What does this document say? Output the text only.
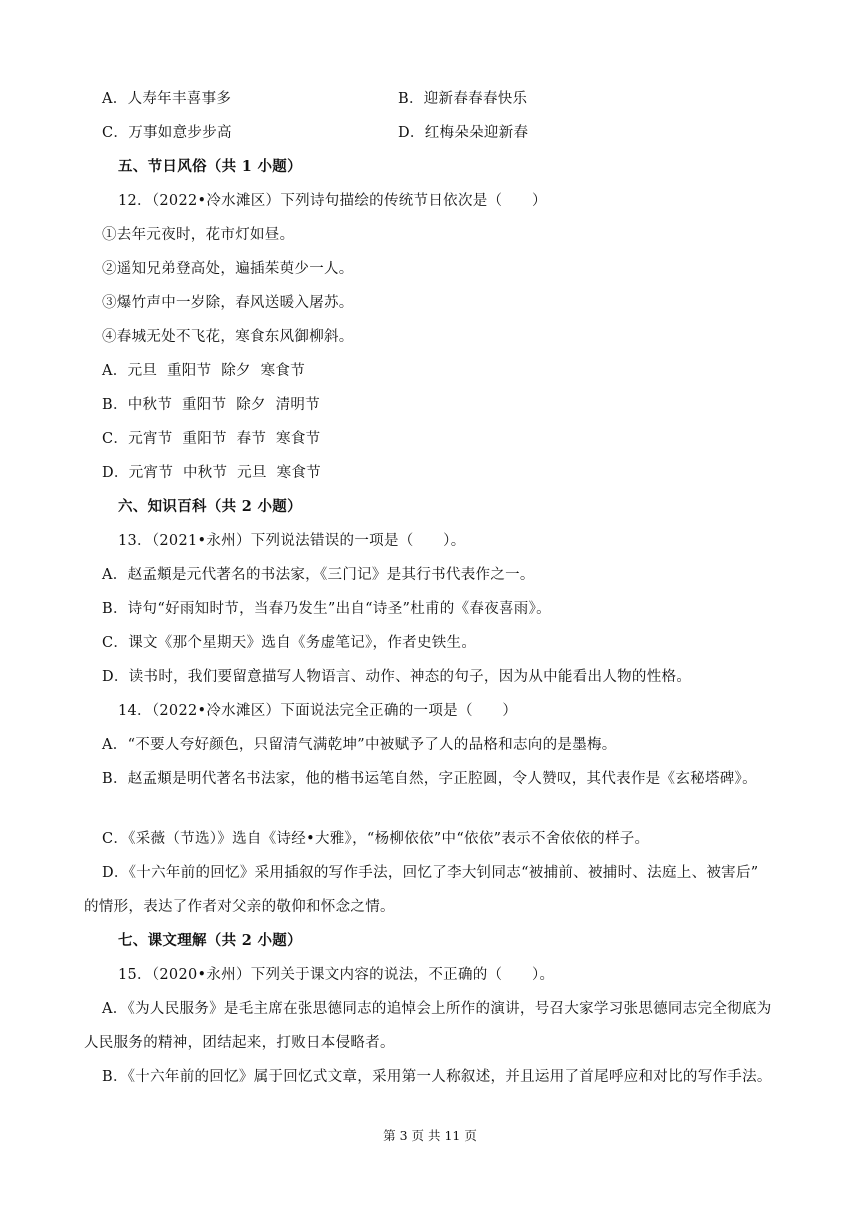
A．人寿年丰喜事多	B．迎新春春春快乐
C．万事如意步步高	D．红梅朵朵迎新春
五、节日风俗（共 1 小题）
12．（2022•冷水滩区）下列诗句描绘的传统节日依次是（　　）
①去年元夜时，花市灯如昼。
②遥知兄弟登高处，遍插茱萸少一人。
③爆竹声中一岁除，春风送暖入屠苏。
④春城无处不飞花，寒食东风御柳斜。
A．元旦  重阳节  除夕  寒食节
B．中秋节  重阳节  除夕  清明节
C．元宵节  重阳节  春节  寒食节
D．元宵节  中秋节  元旦  寒食节
六、知识百科（共 2 小题）
13．（2021•永州）下列说法错误的一项是（　　）。
A．赵孟頫是元代著名的书法家，《三门记》是其行书代表作之一。
B．诗句“好雨知时节，当春乃发生”出自“诗圣”杜甫的《春夜喜雨》。
C．课文《那个星期天》选自《务虚笔记》，作者史铁生。
D．读书时，我们要留意描写人物语言、动作、神态的句子，因为从中能看出人物的性格。
14．（2022•冷水滩区）下面说法完全正确的一项是（　　）
A．“不要人夸好颜色，只留清气满乾坤”中被赋予了人的品格和志向的是墨梅。
B．赵孟頫是明代著名书法家，他的楷书运笔自然，字正腔圆，令人赞叹，其代表作是《玄秘塔碑》。
C．《采薇（节选）》选自《诗经•大雅》，“杨柳依依”中“依依”表示不舍依依的样子。
D．《十六年前的回忆》采用插叙的写作手法，回忆了李大钊同志“被捕前、被捕时、法庭上、被害后”
的情形，表达了作者对父亲的敬仰和怀念之情。
七、课文理解（共 2 小题）
15．（2020•永州）下列关于课文内容的说法，不正确的（　　）。
A．《为人民服务》是毛主席在张思德同志的追悼会上所作的演讲，号召大家学习张思德同志完全彻底为
人民服务的精神，团结起来，打败日本侵略者。
B．《十六年前的回忆》属于回忆式文章，采用第一人称叙述，并且运用了首尾呼应和对比的写作手法。
第 3 页 共 11 页
